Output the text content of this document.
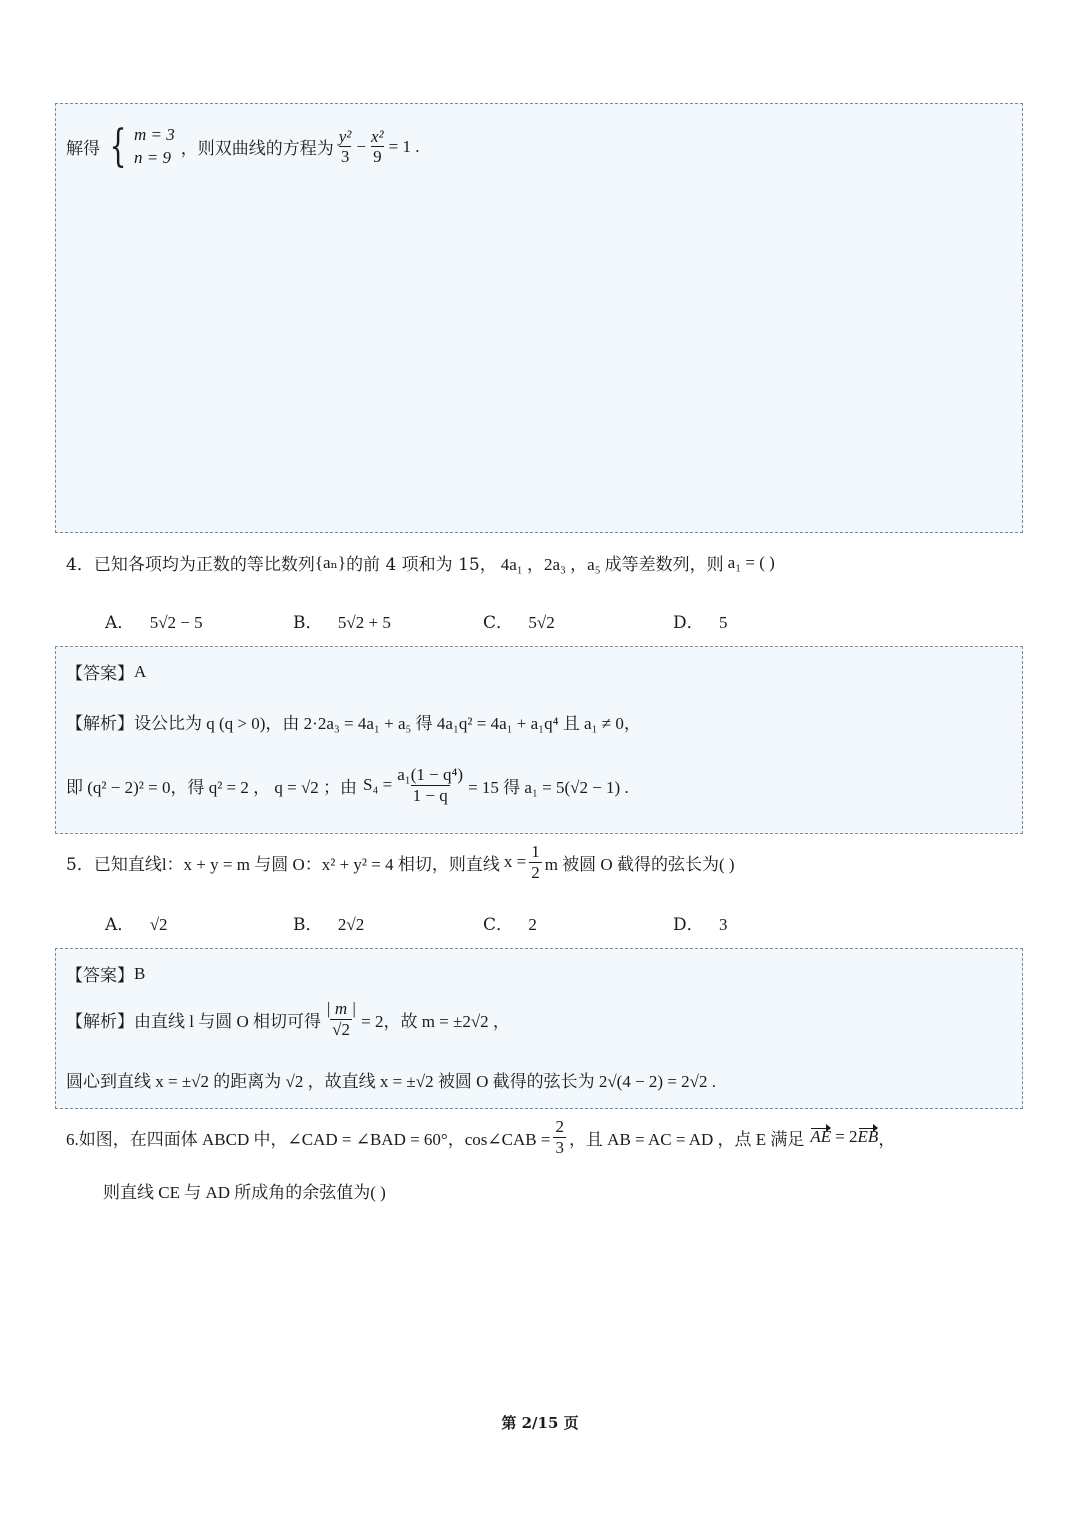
解得 { m = 3
n = 9 ，则双曲线的方程为 $\frac{\text{y²}}{3} - \frac{\text{x²}}{9} = 1$ .
4．已知各项均为正数的等比数列 {aₙ} 的前 4 项和为 15， 4a₁ ，2a₃ ，a₅ 成等差数列，则 a₁ = ( )
A． 5√2 − 5	B． 5√2 + 5	C． 5√2	D． 5
【答案】 A
【解析】 设公比为 q (q > 0)，由 2·2a₃ = 4a₁ + a₅ 得 4a₁q² = 4a₁ + a₁q⁴ 且 a₁ ≠ 0，
即 (q² − 2)² = 0，得 q² = 2 ， q = √2 ；由 $S_4 = \frac{\text{a₁(1 − q⁴)}}{1 - q} = 15$ 得 a₁ = 5(√2 − 1) .
5．已知直线 l：x + y = m 与圆 O：x² + y² = 4 相切，则直线 $x = \frac{1}{2}$ m 被圆 O 截得的弦长为( )
A． √2	B． 2√2	C． 2	D． 3
【答案】 B
【解析】 由直线 l 与圆 O 相切可得 $\frac{| m |}{√2} = 2$，故 m = ±2√2 ，
圆心到直线 x = ±√2 的距离为 √2 ，故直线 x = ±√2 被圆 O 截得的弦长为 2√(4 − 2) = 2√2 .
6.如图，在四面体 ABCD 中，∠CAD = ∠BAD = 60°，cos∠CAB = $\frac{2}{3}$ ，且 AB = AC = AD ，点 E 满足 AE = 2 EB ，
则直线 CE 与 AD 所成角的余弦值为( )
第 2/15 页
